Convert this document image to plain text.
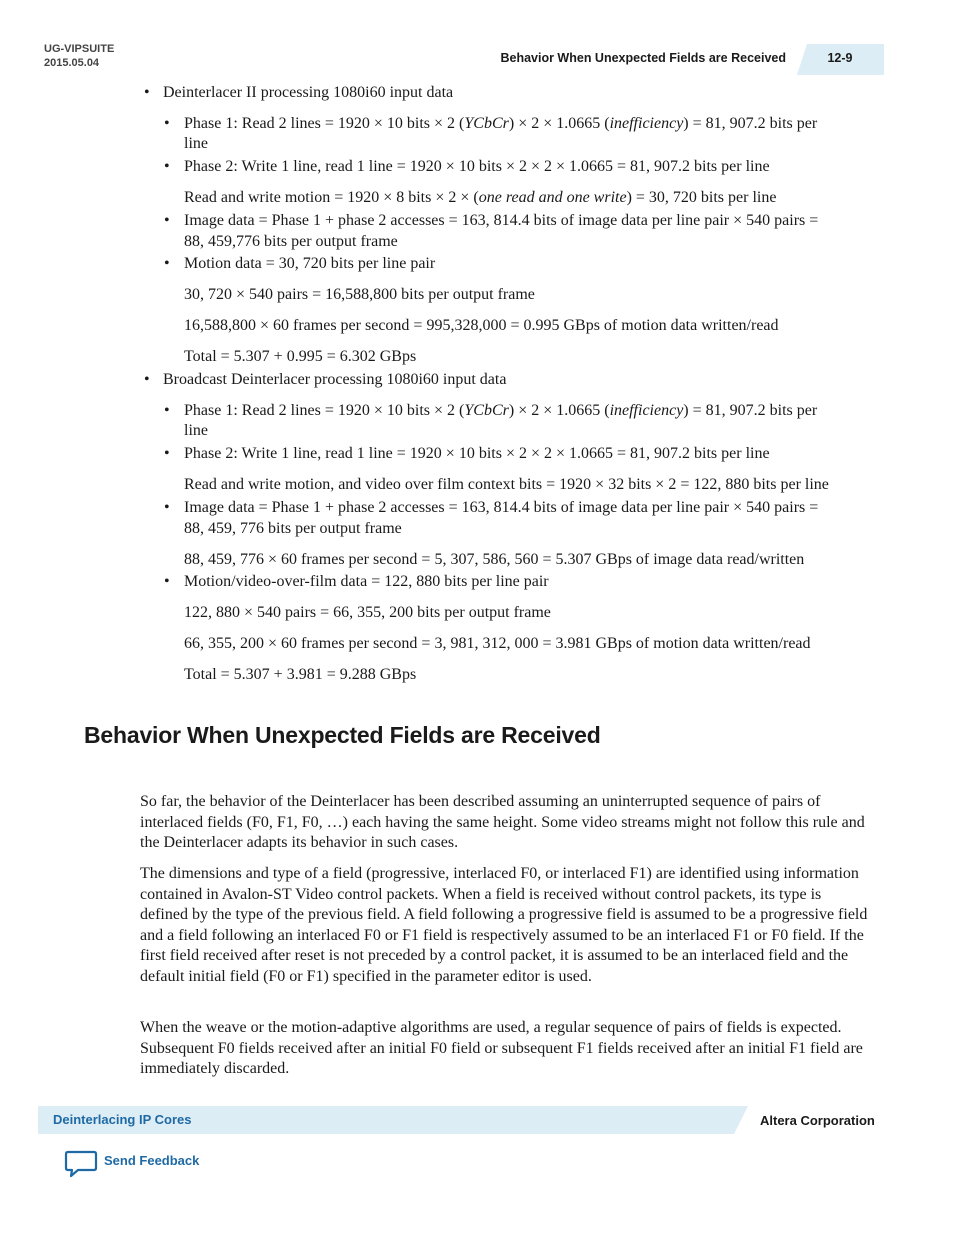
UG-VIPSUITE
2015.05.04	Behavior When Unexpected Fields are Received	12-9
•
Deinterlacer II processing 1080i60 input data
•
Phase 1: Read 2 lines = 1920 × 10 bits × 2 (YCbCr) × 2 × 1.0665 (inefficiency) = 81, 907.2 bits per
line
•
Phase 2: Write 1 line, read 1 line = 1920 × 10 bits × 2 × 2 × 1.0665 = 81, 907.2 bits per line
Read and write motion = 1920 × 8 bits × 2 × (one read and one write) = 30, 720 bits per line
•
Image data = Phase 1 + phase 2 accesses = 163, 814.4 bits of image data per line pair × 540 pairs =
88, 459,776 bits per output frame
•
Motion data = 30, 720 bits per line pair
30, 720 × 540 pairs = 16,588,800 bits per output frame
16,588,800 × 60 frames per second = 995,328,000 = 0.995 GBps of motion data written/read
Total = 5.307 + 0.995 = 6.302 GBps
•
Broadcast Deinterlacer processing 1080i60 input data
•
Phase 1: Read 2 lines = 1920 × 10 bits × 2 (YCbCr) × 2 × 1.0665 (inefficiency) = 81, 907.2 bits per
line
•
Phase 2: Write 1 line, read 1 line = 1920 × 10 bits × 2 × 2 × 1.0665 = 81, 907.2 bits per line
Read and write motion, and video over film context bits = 1920 × 32 bits × 2 = 122, 880 bits per line
•
Image data = Phase 1 + phase 2 accesses = 163, 814.4 bits of image data per line pair × 540 pairs =
88, 459, 776 bits per output frame
88, 459, 776 × 60 frames per second = 5, 307, 586, 560 = 5.307 GBps of image data read/written
•
Motion/video-over-film data = 122, 880 bits per line pair
122, 880 × 540 pairs = 66, 355, 200 bits per output frame
66, 355, 200 × 60 frames per second = 3, 981, 312, 000 = 3.981 GBps of motion data written/read
Total = 5.307 + 3.981 = 9.288 GBps
Behavior When Unexpected Fields are Received

So far, the behavior of the Deinterlacer has been described assuming an uninterrupted sequence of pairs of interlaced fields (F0, F1, F0, …) each having the same height. Some video streams might not follow this rule and the Deinterlacer adapts its behavior in such cases.

The dimensions and type of a field (progressive, interlaced F0, or interlaced F1) are identified using information contained in Avalon-ST Video control packets. When a field is received without control packets, its type is defined by the type of the previous field. A field following a progressive field is assumed to be a progressive field and a field following an interlaced F0 or F1 field is respectively assumed to be an interlaced F1 or F0 field. If the first field received after reset is not preceded by a control packet, it is assumed to be an interlaced field and the default initial field (F0 or F1) specified in the parameter editor is used.

When the weave or the motion-adaptive algorithms are used, a regular sequence of pairs of fields is expected. Subsequent F0 fields received after an initial F0 field or subsequent F1 fields received after an initial F1 field are immediately discarded.

Deinterlacing IP Cores	Altera Corporation
Send Feedback
